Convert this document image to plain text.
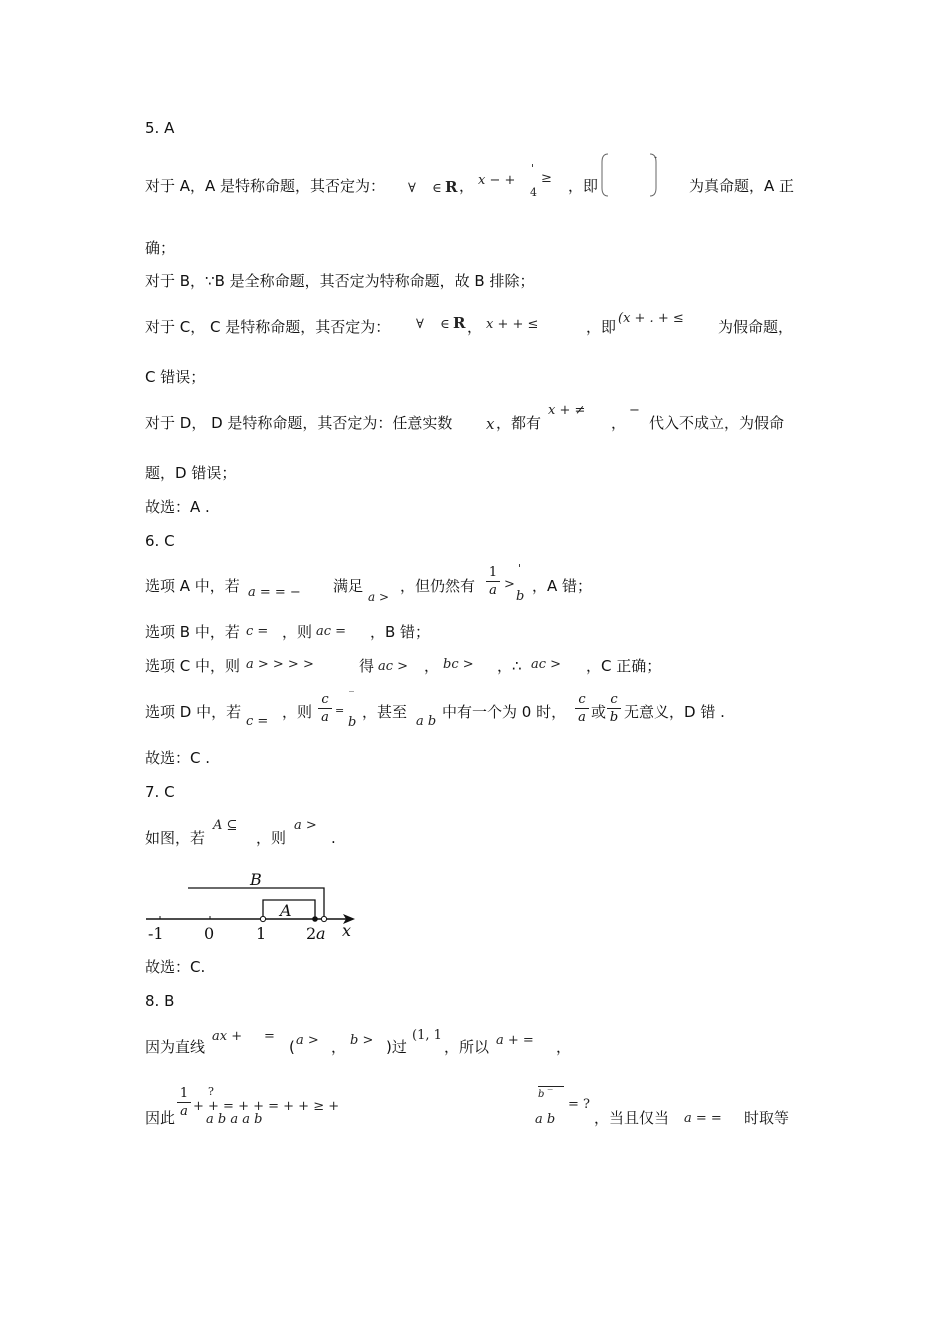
5. A
对于 A，A 是特称命题，其否定为： ∀ ∈ R ， x − +
'
4
≥ ，即
-
为真命题，A 正
确；
对于 B，∵B 是全称命题，其否定为特称命题，故 B 排除；
对于 C， C 是特称命题，其否定为： ∀ ∈ R ， x + + ≤	，即 (x + . + ≤ 为假命题，
C 错误；
对于 D， D 是特称命题，其否定为：任意实数 x ，都有
x + ≠
，
−
代入不成立，为假命
题，D 错误；
故选：A .
6. C
选项 A 中，若 a = = − 满足
a >
，但仍然有
1
a >
'
b
，A 错；
选项 B 中，若 c = ，则 ac = ，B 错；
选项 C 中，则 a > > > >	得 ac > ， bc > ，∴ ac > ，C 正确；
选项 D 中，若
c =
，则
c
a =
‾
b
，甚至
a b
中有一个为 0 时，
c
a 或
c
b 无意义，D 错 .
故选：C .
7. C
如图，若
A ⊆
，则
a >
.
B
A
-1	0	1 2 a x
故选：C.
8. B
因为直线
ax + =
( a > ， b > )过
(1, 1
，所以 a + = ，
因此
1
a
?
+ + = + + = + + ≥ +
a b a a b
b ‾
a b
= ?
，当且仅当 a = = 时取等
